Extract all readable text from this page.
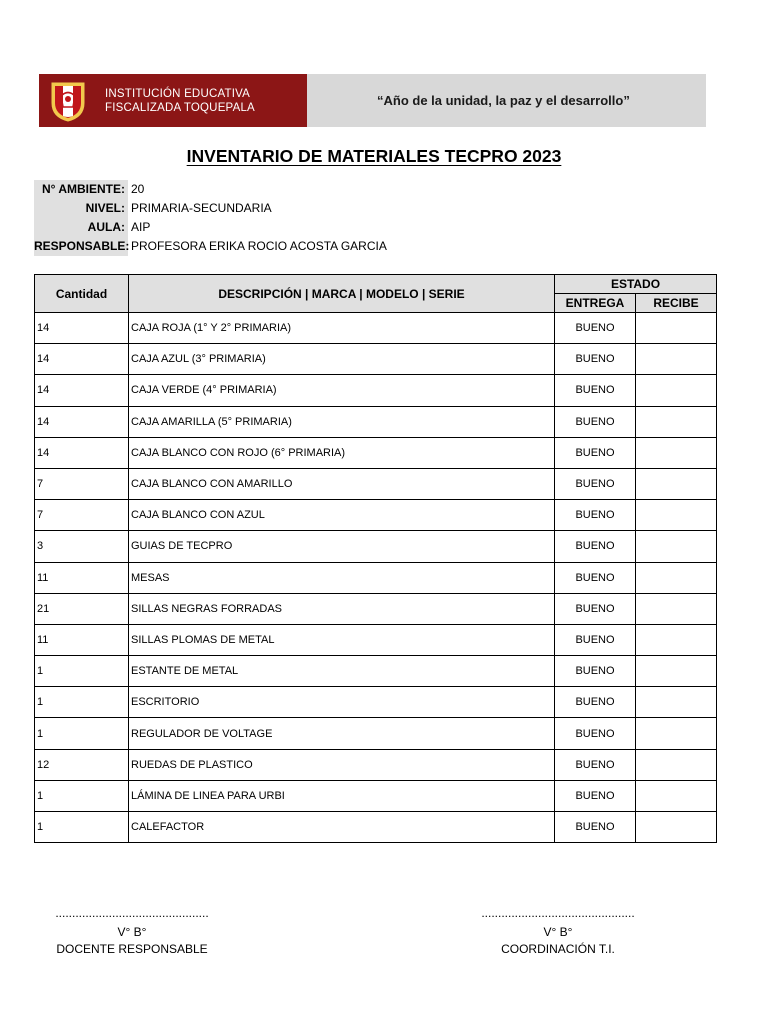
INSTITUCIÓN EDUCATIVA
FISCALIZADA TOQUEPALA	“Año de la unidad, la paz y el desarrollo”
INVENTARIO DE MATERIALES TECPRO 2023
N° AMBIENTE: 20
NIVEL: PRIMARIA-SECUNDARIA
AULA: AIP
RESPONSABLE: PROFESORA ERIKA ROCIO ACOSTA GARCIA
Cantidad	DESCRIPCIÓN | MARCA | MODELO | SERIE	ESTADO	
		ENTREGA	RECIBE
14	CAJA ROJA (1° Y 2° PRIMARIA)	BUENO	
14	CAJA AZUL (3° PRIMARIA)	BUENO	
14	CAJA VERDE (4° PRIMARIA)	BUENO	
14	CAJA AMARILLA (5° PRIMARIA)	BUENO	
14	CAJA BLANCO CON ROJO (6° PRIMARIA)	BUENO	
7	CAJA BLANCO CON AMARILLO	BUENO	
7	CAJA BLANCO CON AZUL	BUENO	
3	GUIAS DE TECPRO	BUENO	
11	MESAS	BUENO	
21	SILLAS NEGRAS FORRADAS	BUENO	
11	SILLAS PLOMAS DE METAL	BUENO	
1	ESTANTE DE METAL	BUENO	
1	ESCRITORIO	BUENO	
1	REGULADOR DE VOLTAGE	BUENO	
12	RUEDAS DE PLASTICO	BUENO	
1	LÁMINA DE LINEA PARA URBI	BUENO	
1	CALEFACTOR	BUENO	
..............................................
V° B°
DOCENTE RESPONSABLE
..............................................
V° B°
COORDINACIÓN T.I.
